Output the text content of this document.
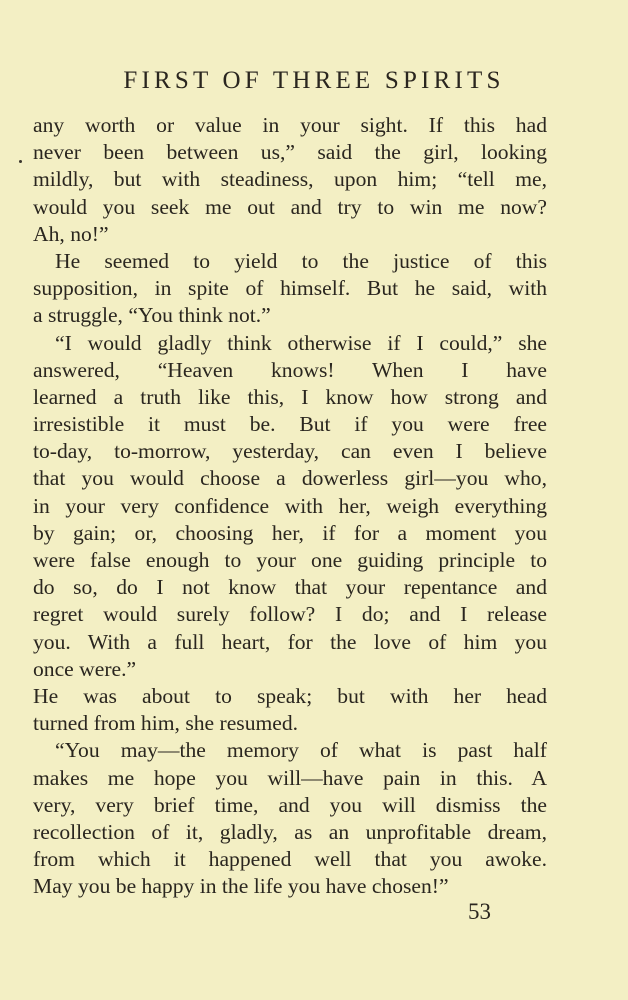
FIRST OF THREE SPIRITS
any worth or value in your sight. If this had
never been between us,” said the girl, looking
mildly, but with steadiness, upon him; “tell me,
would you seek me out and try to win me now?
Ah, no!”
He seemed to yield to the justice of this
supposition, in spite of himself. But he said, with
a struggle, “You think not.”
“I would gladly think otherwise if I could,” she
answered, “Heaven knows! When I have
learned a truth like this, I know how strong and
irresistible it must be. But if you were free
to-day, to-morrow, yesterday, can even I believe
that you would choose a dowerless girl—you who,
in your very confidence with her, weigh everything
by gain; or, choosing her, if for a moment you
were false enough to your one guiding principle to
do so, do I not know that your repentance and
regret would surely follow? I do; and I release
you. With a full heart, for the love of him you
once were.”
He was about to speak; but with her head
turned from him, she resumed.
“You may—the memory of what is past half
makes me hope you will—have pain in this. A
very, very brief time, and you will dismiss the
recollection of it, gladly, as an unprofitable dream,
from which it happened well that you awoke.
May you be happy in the life you have chosen!”
53
